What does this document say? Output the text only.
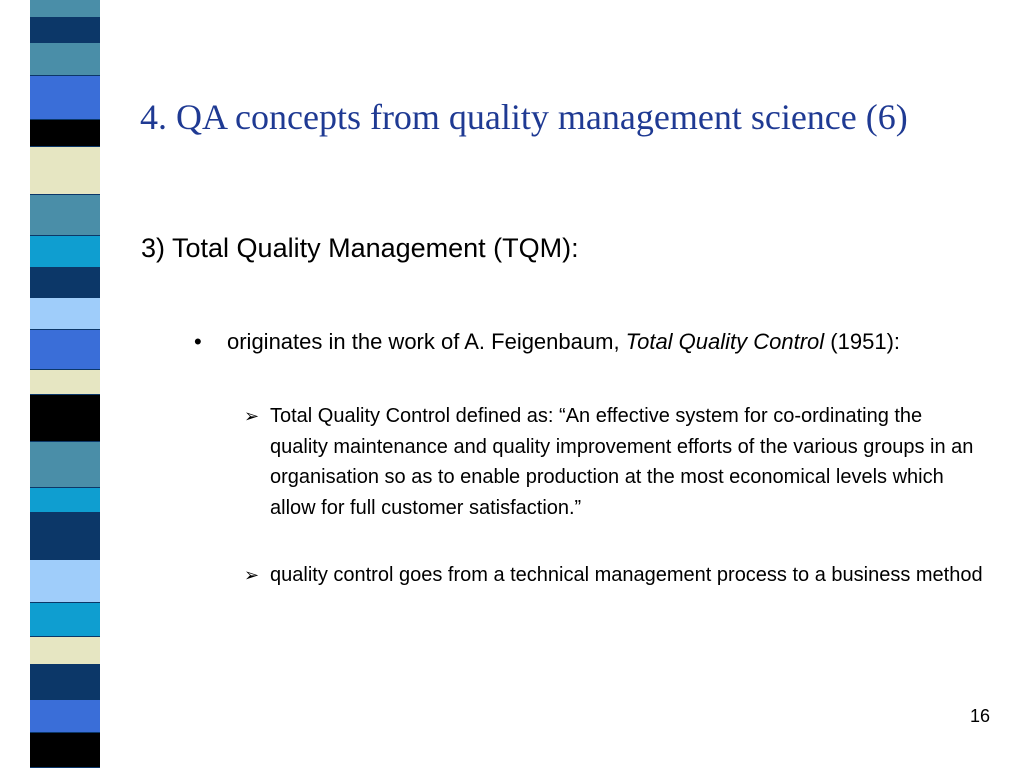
4. QA concepts from quality management science (6)

3) Total Quality Management (TQM):

• originates in the work of A. Feigenbaum, Total Quality Control (1951):
➢ Total Quality Control defined as: “An effective system for co-ordinating the quality maintenance and quality improvement efforts of the various groups in an organisation so as to enable production at the most economical levels which allow for full customer satisfaction.”
➢ quality control goes from a technical management process to a business method
16
